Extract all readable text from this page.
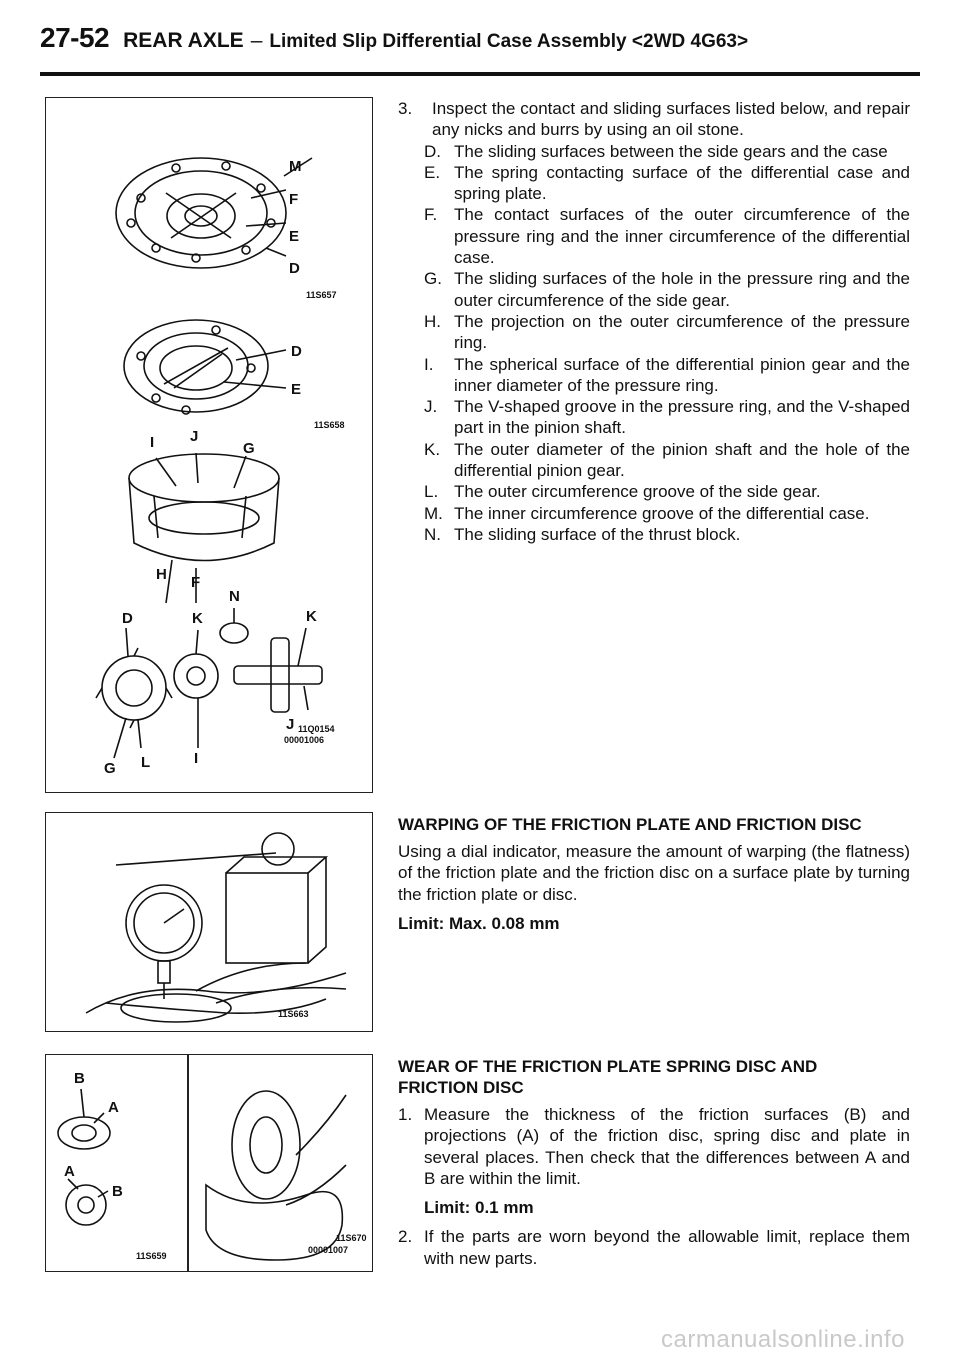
27-52 REAR AXLE – Limited Slip Differential Case Assembly <2WD 4G63>
M
F
E
D
11S657
D
E
11S658
I J
G
H F
N
D	K	K
G L	I
J 11Q0154
00001006
11S663
B
A
A
B
11S659
11S670
00001007
3. Inspect the contact and sliding surfaces listed below, and repair any nicks and burrs by using an oil stone.
D. The sliding surfaces between the side gears and the case
E. The spring contacting surface of the differential case and spring plate.
F. The contact surfaces of the outer circumference of the pressure ring and the inner circumference of the differential case.
G. The sliding surfaces of the hole in the pressure ring and the outer circumference of the side gear.
H. The projection on the outer circumference of the pressure ring.
I. The spherical surface of the differential pinion gear and the inner diameter of the pressure ring.
J. The V-shaped groove in the pressure ring, and the V-shaped part in the pinion shaft.
K. The outer diameter of the pinion shaft and the hole of the differential pinion gear.
L. The outer circumference groove of the side gear.
M. The inner circumference groove of the differential case.
N. The sliding surface of the thrust block.
WARPING OF THE FRICTION PLATE AND FRICTION DISC
Using a dial indicator, measure the amount of warping (the flatness) of the friction plate and the friction disc on a surface plate by turning the friction plate or disc.
Limit: Max. 0.08 mm
WEAR OF THE FRICTION PLATE SPRING DISC AND FRICTION DISC
1. Measure the thickness of the friction surfaces (B) and projections (A) of the friction disc, spring disc and plate in several places. Then check that the differences between A and B are within the limit.
Limit: 0.1 mm
2. If the parts are worn beyond the allowable limit, replace them with new parts.
carmanualsonline.info
